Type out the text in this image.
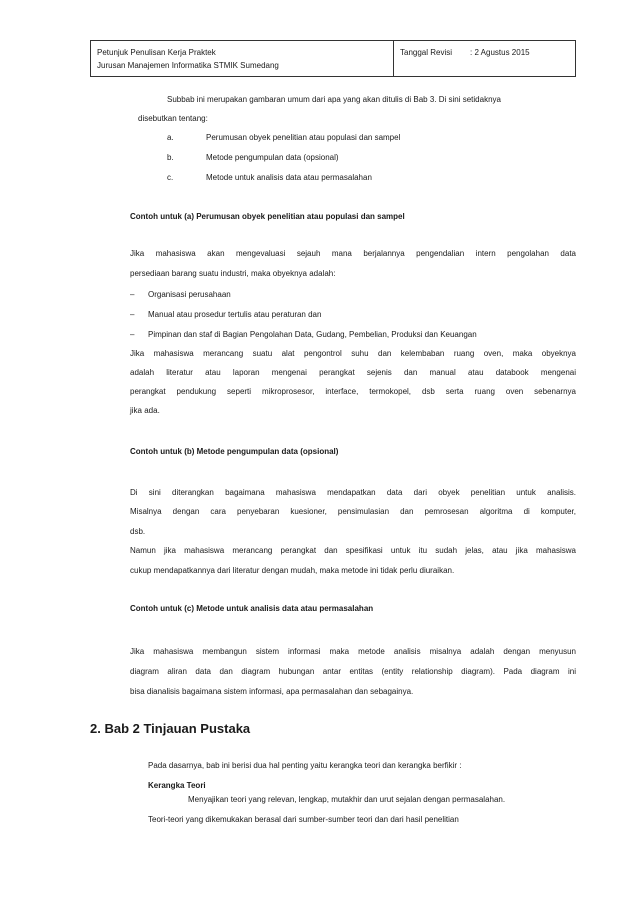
Petunjuk Penulisan Kerja Praktek
Jurusan Manajemen Informatika STMIK Sumedang
Tanggal Revisi	: 2 Agustus 2015
Subbab ini merupakan gambaran umum dari apa yang akan ditulis di Bab 3. Di sini setidaknya
disebutkan tentang:
a.	Perumusan obyek penelitian atau populasi dan sampel
b.	Metode pengumpulan data (opsional)
c.	Metode untuk analisis data atau permasalahan
Contoh untuk (a) Perumusan obyek penelitian atau populasi dan sampel
Jika mahasiswa akan mengevaluasi sejauh mana berjalannya pengendalian intern pengolahan data
persediaan barang suatu industri, maka obyeknya adalah:
– Organisasi perusahaan
– Manual atau prosedur tertulis atau peraturan dan
– Pimpinan dan staf di Bagian Pengolahan Data, Gudang, Pembelian, Produksi dan Keuangan
Jika mahasiswa merancang suatu alat pengontrol suhu dan kelembaban ruang oven, maka obyeknya
adalah literatur atau laporan mengenai perangkat sejenis dan manual atau databook mengenai
perangkat pendukung seperti mikroprosesor, interface, termokopel, dsb serta ruang oven sebenarnya
jika ada.
Contoh untuk (b) Metode pengumpulan data (opsional)
Di sini diterangkan bagaimana mahasiswa mendapatkan data dari obyek penelitian untuk analisis.
Misalnya dengan cara penyebaran kuesioner, pensimulasian dan pemrosesan algoritma di komputer,
dsb.
Namun jika mahasiswa merancang perangkat dan spesifikasi untuk itu sudah jelas, atau jika mahasiswa
cukup mendapatkannya dari literatur dengan mudah, maka metode ini tidak perlu diuraikan.
Contoh untuk (c) Metode untuk analisis data atau permasalahan
Jika mahasiswa membangun sistem informasi maka metode analisis misalnya adalah dengan menyusun
diagram aliran data dan diagram hubungan antar entitas (entity relationship diagram). Pada diagram ini
bisa dianalisis bagaimana sistem informasi, apa permasalahan dan sebagainya.
2. Bab 2 Tinjauan Pustaka
Pada dasarnya, bab ini berisi dua hal penting yaitu kerangka teori dan kerangka berfikir :
Kerangka Teori
Menyajikan teori yang relevan, lengkap, mutakhir dan urut sejalan dengan permasalahan.
Teori-teori yang dikemukakan berasal dari sumber-sumber teori dan dari hasil penelitian
